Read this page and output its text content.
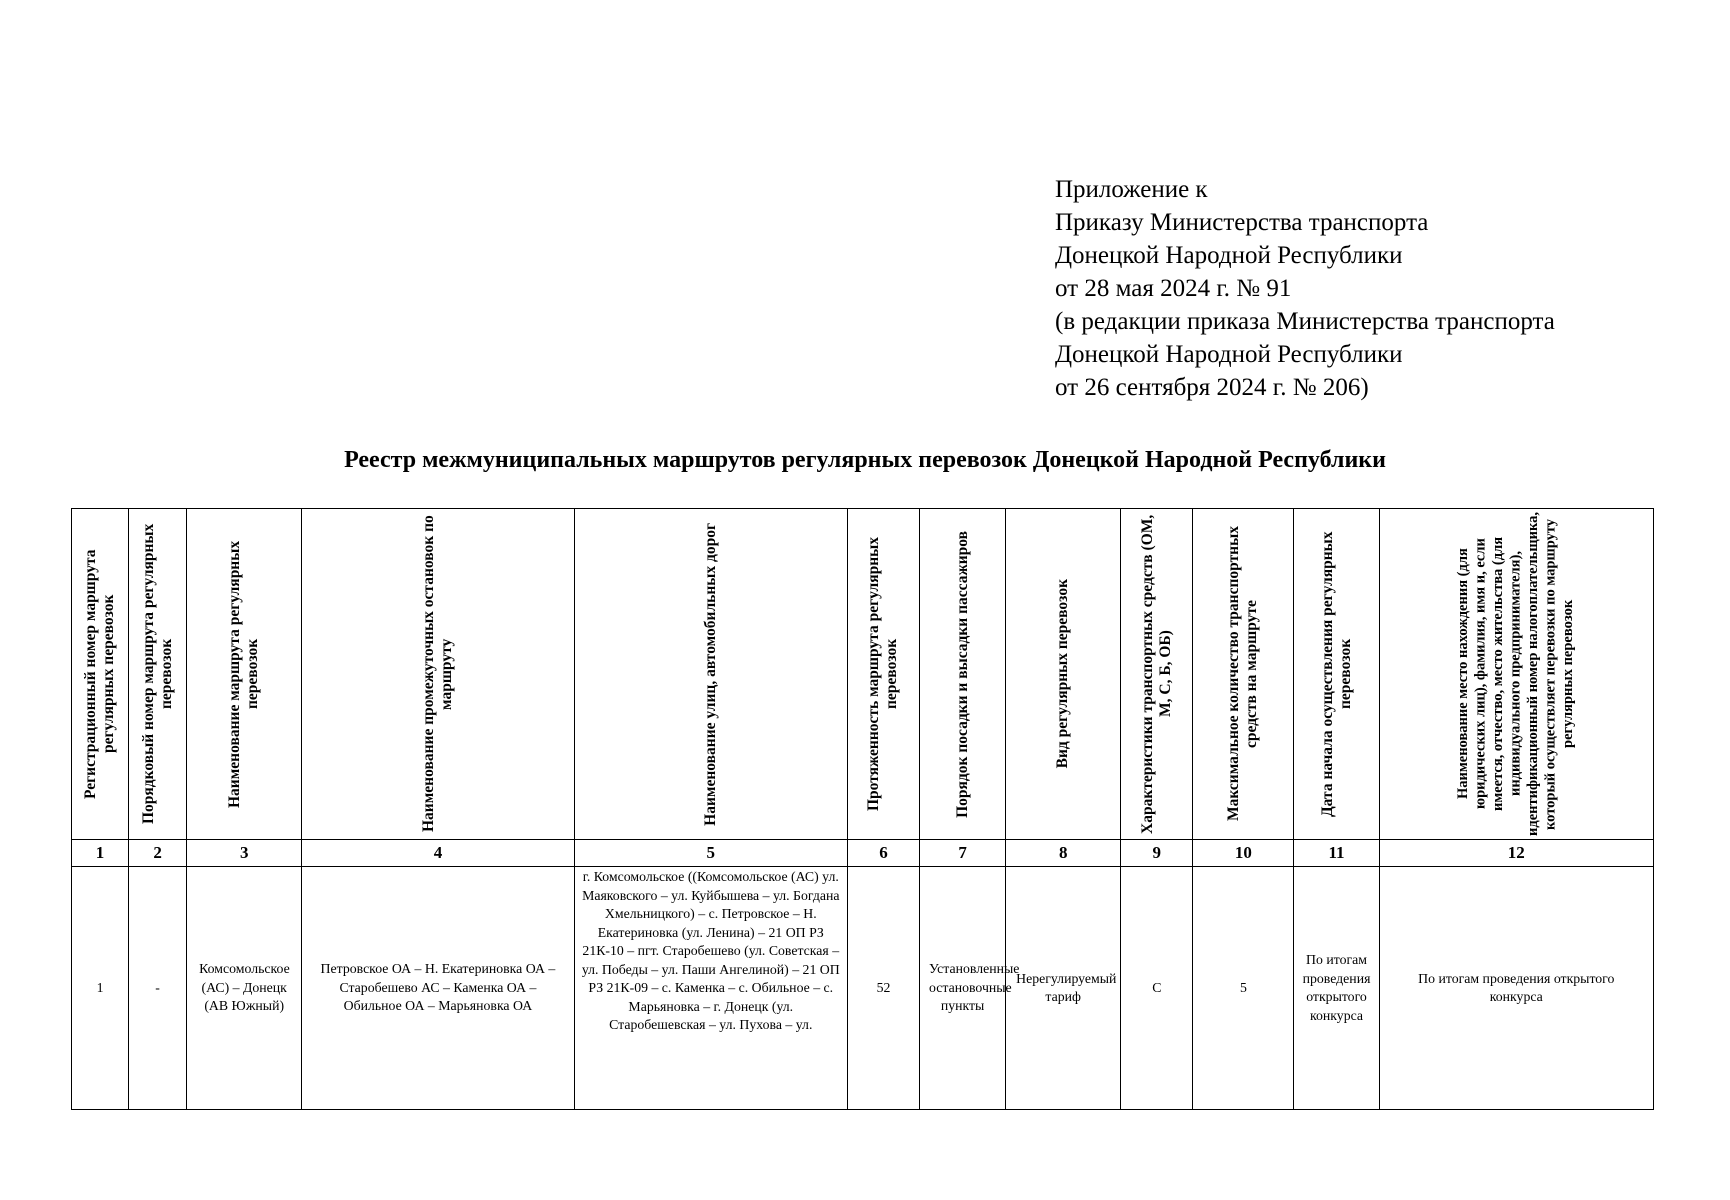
Приложение к
Приказу Министерства транспорта
Донецкой Народной Республики
от 28 мая 2024 г. № 91
(в редакции приказа Министерства транспорта
Донецкой Народной Республики
от 26 сентября 2024 г. № 206)
Реестр межмуниципальных маршрутов регулярных перевозок Донецкой Народной Республики
Регистрационный номер маршрута регулярных перевозок	Порядковый номер маршрута регулярных перевозок	Наименование маршрута регулярных перевозок	Наименование промежуточных остановок по маршруту	Наименование улиц, автомобильных дорог	Протяженность маршрута регулярных перевозок	Порядок посадки и высадки пассажиров	Вид регулярных перевозок	Характеристики транспортных средств (ОМ, М, С, Б, ОБ)	Максимальное количество транспортных средств на маршруте	Дата начала осуществления регулярных перевозок	Наименование место нахождения (для юридических лиц), фамилия, имя и, если имеется, отчество, место жительства (для индивидуального предпринимателя), идентификационный номер налогоплательщика, который осуществляет перевозки по маршруту регулярных перевозок

1	2	3	4	5	6	7	8	9	10	11	12
1	-	Комсомольское (АС) – Донецк (АВ Южный)	Петровское ОА – Н. Екатериновка ОА – Старобешево АС – Каменка ОА – Обильное ОА – Марьяновка ОА	г. Комсомольское ((Комсомольское (АС) ул. Маяковского – ул. Куйбышева – ул. Богдана Хмельницкого) – с. Петровское – Н. Екатериновка (ул. Ленина) – 21 ОП РЗ 21К-10 – пгт. Старобешево (ул. Советская – ул. Победы – ул. Паши Ангелиной) – 21 ОП РЗ 21К-09 – с. Каменка – с. Обильное – с. Марьяновка – г. Донецк (ул. Старобешевская – ул. Пухова – ул.	52	Установленные остановочные пункты	Нерегулируемый тариф	С	5	По итогам проведения открытого конкурса	По итогам проведения открытого конкурса
